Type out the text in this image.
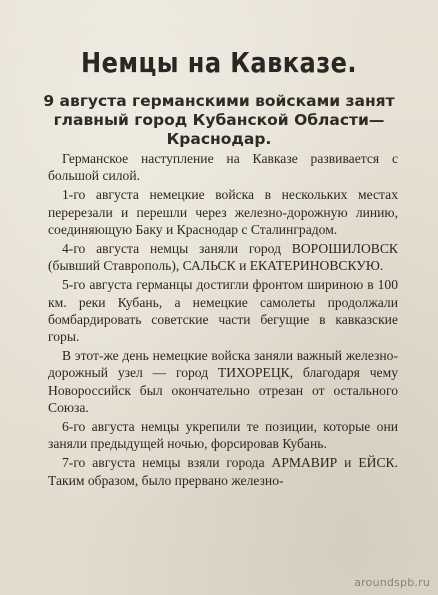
Немцы на Кавказе.
9 августа германскими войсками занят главный город Кубанской Области—Краснодар.

Германское наступление на Кавказе развивается с большой силой.

1-го августа немецкие войска в нескольких местах перерезали и перешли через железно-дорожную линию, соединяющую Баку и Краснодар с Сталинградом.

4-го августа немцы заняли город ВОРОШИЛОВСК (бывший Ставрополь), САЛЬСК и ЕКАТЕРИНОВСКУЮ.

5-го августа германцы достигли фронтом шириною в 100 км. реки Кубань, а немецкие самолеты продолжали бомбардировать советские части бегущие в кавказские горы.

В этот-же день немецкие войска заняли важный железно-дорожный узел — город ТИХОРЕЦК, благодаря чему Новороссийск был окончательно отрезан от остального Союза.

6-го августа немцы укрепили те позиции, которые они заняли предыдущей ночью, форсировав Кубань.

7-го августа немцы взяли города АРМАВИР и ЕЙСК. Таким образом, было прервано железно-

aroundspb.ru
